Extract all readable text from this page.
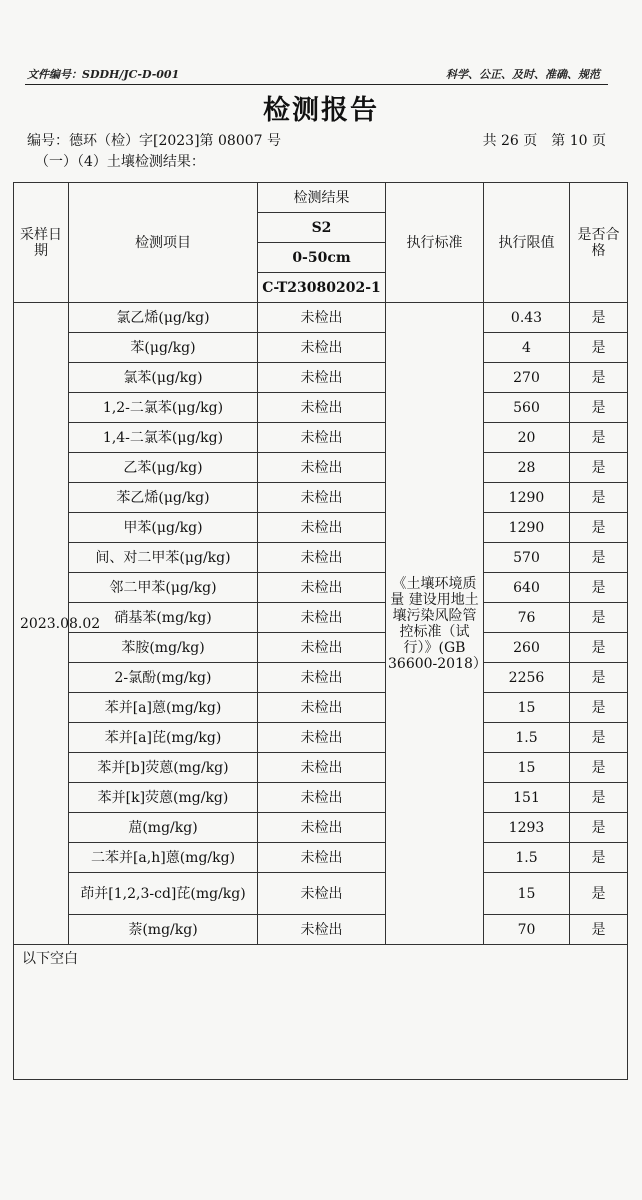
文件编号：SDDH/JC-D-001	科学、公正、及时、准确、规范
检测报告
编号：德环（检）字[2023]第 08007 号	共 26 页　第 10 页
（一）（4）土壤检测结果：
采样日期	检测项目	检测结果	执行标准	执行限值	是否合格
		S2			
		0-50cm			
		C-T23080202-1			
2023.08.02	氯乙烯(μg/kg)	未检出	《土壤环境质量 建设用地土壤污染风险管控标准（试行）》(GB 36600-2018）	0.43	是
	苯(μg/kg)	未检出		4	是
	氯苯(μg/kg)	未检出		270	是
	1,2-二氯苯(μg/kg)	未检出		560	是
	1,4-二氯苯(μg/kg)	未检出		20	是
	乙苯(μg/kg)	未检出		28	是
	苯乙烯(μg/kg)	未检出		1290	是
	甲苯(μg/kg)	未检出		1290	是
	间、对二甲苯(μg/kg)	未检出		570	是
	邻二甲苯(μg/kg)	未检出		640	是
	硝基苯(mg/kg)	未检出		76	是
	苯胺(mg/kg)	未检出		260	是
	2-氯酚(mg/kg)	未检出		2256	是
	苯并[a]蒽(mg/kg)	未检出		15	是
	苯并[a]芘(mg/kg)	未检出		1.5	是
	苯并[b]荧蒽(mg/kg)	未检出		15	是
	苯并[k]荧蒽(mg/kg)	未检出		151	是
	䓛(mg/kg)	未检出		1293	是
	二苯并[a,h]蒽(mg/kg)	未检出		1.5	是
	茚并[1,2,3-cd]芘(mg/kg)	未检出		15	是
	萘(mg/kg)	未检出		70	是
以下空白					
